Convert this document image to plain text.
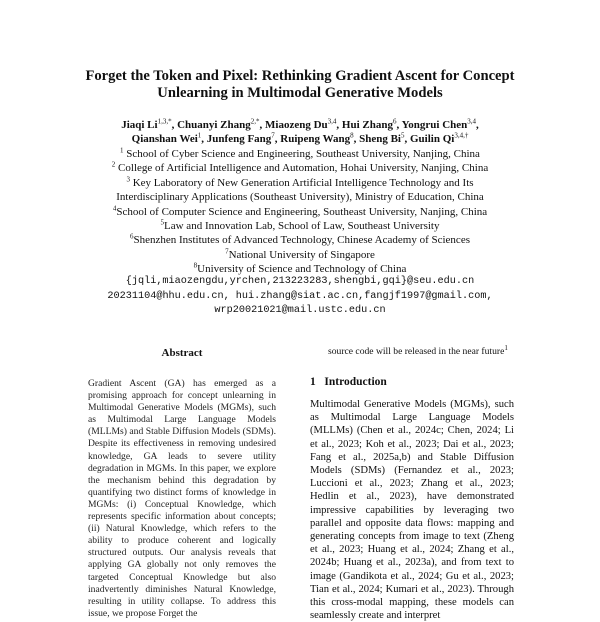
Forget the Token and Pixel: Rethinking Gradient Ascent for Concept
Unlearning in Multimodal Generative Models
Jiaqi $Li^{1,3,*}$, Chuanyi Zhang$^{2,*}$, Miaozeng Du$^{3,4}$, Hui Zhang$^6$, Yongrui Chen$^{3,4}$,
Qianshan Wei$^1$, Junfeng Fang$^7$, Ruipeng Wang$^8$, Sheng Bi$^5$, Guilin $Qi^{3,4,\dagger}$
$^1$ School of Cyber Science and Engineering, Southeast University, Nanjing, China
$^2$ College of Artificial Intelligence and Automation, Hohai University, Nanjing, China
$^3$ Key Laboratory of New Generation Artificial Intelligence Technology and Its
Interdisciplinary Applications (Southeast University), Ministry of Education, China
$^4$School of Computer Science and Engineering, Southeast University, Nanjing, China
$^5$Law and Innovation Lab, School of Law, Southeast University
$^6$Shenzhen Institutes of Advanced Technology, Chinese Academy of Sciences
$^7$National University of Singapore
$^8$University of Science and Technology of China
{jqli,miaozengdu,yrchen,213223283,shengbi,gqi}@seu.edu.cn
20231104@hhu.edu.cn, hui.zhang@siat.ac.cn,fangjf1997@gmail.com,
wrp20021021@mail.ustc.edu.cn
Abstract
Gradient Ascent (GA) has emerged as a promising approach for concept unlearning in Multimodal Generative Models (MGMs), such as Multimodal Large Language Models (MLLMs) and Stable Diffusion Models (SDMs). Despite its effectiveness in removing undesired knowledge, GA leads to severe utility degradation in MGMs. In this paper, we explore the mechanism behind this degradation by quantifying two distinct forms of knowledge in MGMs: (i) Conceptual Knowledge, which represents specific information about concepts; (ii) Natural Knowledge, which refers to the ability to produce coherent and logically structured outputs. Our analysis reveals that applying GA globally not only removes the targeted Conceptual Knowledge but also inadvertently diminishes Natural Knowledge, resulting in utility collapse. To address this issue, we propose Forget the
source code will be released in the near future$^1$
1 Introduction
Multimodal Generative Models (MGMs), such as Multimodal Large Language Models (MLLMs) (Chen et al., 2024c; Chen, 2024; Li et al., 2023; Koh et al., 2023; Dai et al., 2023; Fang et al., 2025a,b) and Stable Diffusion Models (SDMs) (Fernandez et al., 2023; Luccioni et al., 2023; Zhang et al., 2023; Hedlin et al., 2023), have demonstrated impressive capabilities by leveraging two parallel and opposite data flows: mapping and generating concepts from image to text (Zheng et al., 2023; Huang et al., 2024; Zhang et al., 2024b; Huang et al., 2023a), and from text to image (Gandikota et al., 2024; Gu et al., 2023; Tian et al., 2024; Kumari et al., 2023). Through this cross-modal mapping, these models can seamlessly create and interpret
